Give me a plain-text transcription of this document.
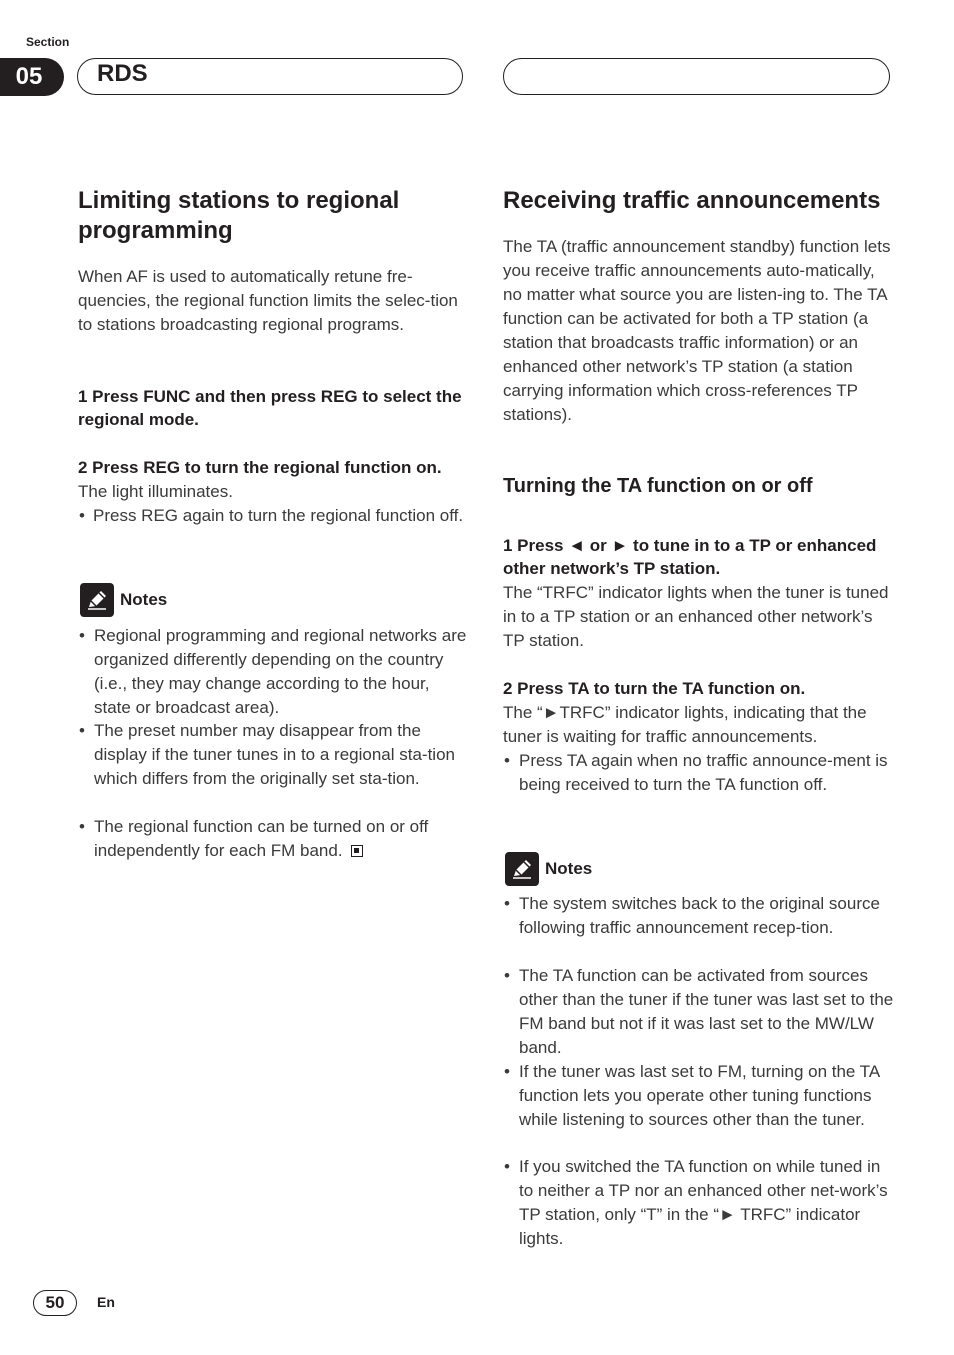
Section
05	RDS
Limiting stations to regional programming

When AF is used to automatically retune fre-quencies, the regional function limits the selec-tion to stations broadcasting regional programs.

1 Press FUNC and then press REG to select the regional mode.
2 Press REG to turn the regional function on.

The light illuminates.

• Press REG again to turn the regional function off.
Notes
• Regional programming and regional networks are organized differently depending on the country (i.e., they may change according to the hour, state or broadcast area).
• The preset number may disappear from the display if the tuner tunes in to a regional sta-tion which differs from the originally set sta-tion.
• The regional function can be turned on or off independently for each FM band.
Receiving traffic announcements

The TA (traffic announcement standby) function lets you receive traffic announcements auto-matically, no matter what source you are listen-ing to. The TA function can be activated for both a TP station (a station that broadcasts traffic information) or an enhanced other network’s TP station (a station carrying information which cross-references TP stations).

Turning the TA function on or off
1 Press ◄ or ► to tune in to a TP or enhanced other network’s TP station.

The “TRFC” indicator lights when the tuner is tuned in to a TP station or an enhanced other network’s TP station.

2 Press TA to turn the TA function on.

The “►TRFC” indicator lights, indicating that the tuner is waiting for traffic announcements.

• Press TA again when no traffic announce-ment is being received to turn the TA function off.
Notes
• The system switches back to the original source following traffic announcement recep-tion.
• The TA function can be activated from sources other than the tuner if the tuner was last set to the FM band but not if it was last set to the MW/LW band.
• If the tuner was last set to FM, turning on the TA function lets you operate other tuning functions while listening to sources other than the tuner.
• If you switched the TA function on while tuned in to neither a TP nor an enhanced other net-work’s TP station, only “T” in the “► TRFC” indicator lights.
50	En
